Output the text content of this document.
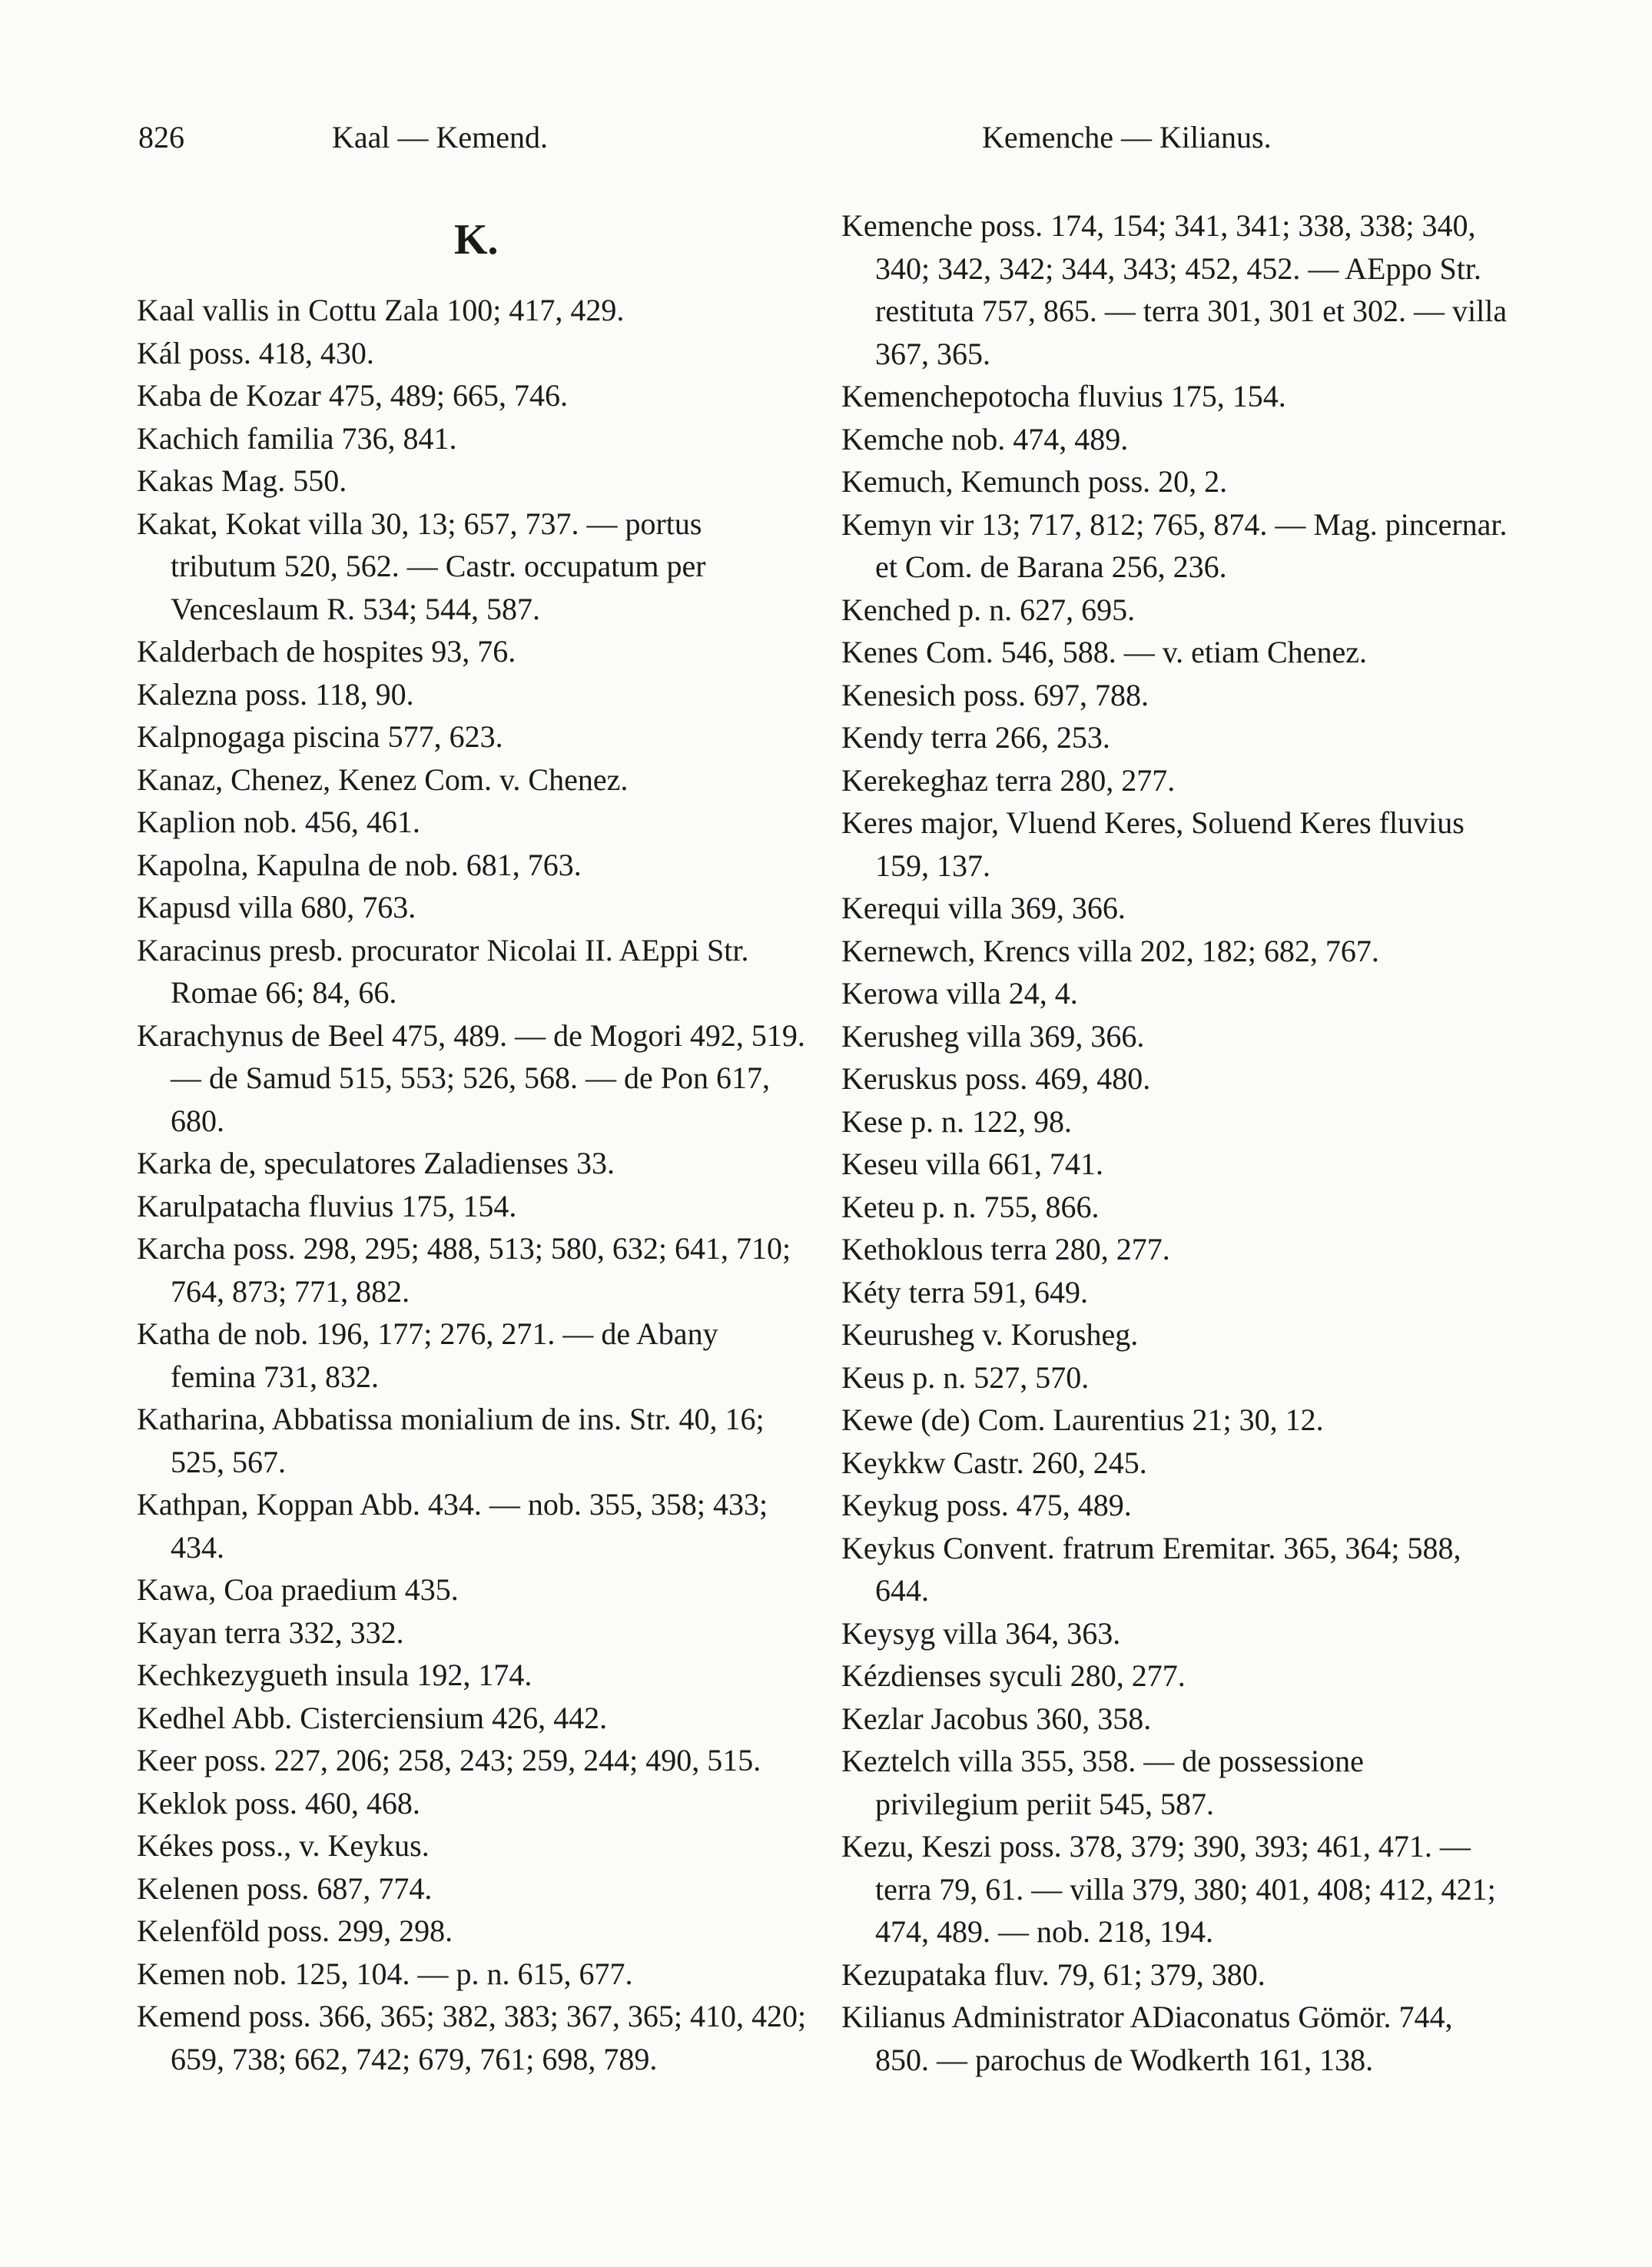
826	Kaal — Kemend.	Kemenche — Kilianus.
K.

Kaal vallis in Cottu Zala 100; 417, 429.

Kál poss. 418, 430.

Kaba de Kozar 475, 489; 665, 746.

Kachich familia 736, 841.

Kakas Mag. 550.

Kakat, Kokat villa 30, 13; 657, 737. — portus tributum 520, 562. — Castr. occupatum per Venceslaum R. 534; 544, 587.

Kalderbach de hospites 93, 76.

Kalezna poss. 118, 90.

Kalpnogaga piscina 577, 623.

Kanaz, Chenez, Kenez Com. v. Chenez.

Kaplion nob. 456, 461.

Kapolna, Kapulna de nob. 681, 763.

Kapusd villa 680, 763.

Karacinus presb. procurator Nicolai II. AEppi Str. Romae 66; 84, 66.

Karachynus de Beel 475, 489. — de Mogori 492, 519. — de Samud 515, 553; 526, 568. — de Pon 617, 680.

Karka de, speculatores Zaladienses 33.

Karulpatacha fluvius 175, 154.

Karcha poss. 298, 295; 488, 513; 580, 632; 641, 710; 764, 873; 771, 882.

Katha de nob. 196, 177; 276, 271. — de Abany femina 731, 832.

Katharina, Abbatissa monialium de ins. Str. 40, 16; 525, 567.

Kathpan, Koppan Abb. 434. — nob. 355, 358; 433; 434.

Kawa, Coa praedium 435.

Kayan terra 332, 332.

Kechkezygueth insula 192, 174.

Kedhel Abb. Cisterciensium 426, 442.

Keer poss. 227, 206; 258, 243; 259, 244; 490, 515.

Keklok poss. 460, 468.

Kékes poss., v. Keykus.

Kelenen poss. 687, 774.

Kelenföld poss. 299, 298.

Kemen nob. 125, 104. — p. n. 615, 677.

Kemend poss. 366, 365; 382, 383; 367, 365; 410, 420; 659, 738; 662, 742; 679, 761; 698, 789.

Kemenche poss. 174, 154; 341, 341; 338, 338; 340, 340; 342, 342; 344, 343; 452, 452. — AEppo Str. restituta 757, 865. — terra 301, 301 et 302. — villa 367, 365.

Kemenchepotocha fluvius 175, 154.

Kemche nob. 474, 489.

Kemuch, Kemunch poss. 20, 2.

Kemyn vir 13; 717, 812; 765, 874. — Mag. pincernar. et Com. de Barana 256, 236.

Kenched p. n. 627, 695.

Kenes Com. 546, 588. — v. etiam Chenez.

Kenesich poss. 697, 788.

Kendy terra 266, 253.

Kerekeghaz terra 280, 277.

Keres major, Vluend Keres, Soluend Keres fluvius 159, 137.

Kerequi villa 369, 366.

Kernewch, Krencs villa 202, 182; 682, 767.

Kerowa villa 24, 4.

Kerusheg villa 369, 366.

Keruskus poss. 469, 480.

Kese p. n. 122, 98.

Keseu villa 661, 741.

Keteu p. n. 755, 866.

Kethoklous terra 280, 277.

Kéty terra 591, 649.

Keurusheg v. Korusheg.

Keus p. n. 527, 570.

Kewe (de) Com. Laurentius 21; 30, 12.

Keykkw Castr. 260, 245.

Keykug poss. 475, 489.

Keykus Convent. fratrum Eremitar. 365, 364; 588, 644.

Keysyg villa 364, 363.

Kézdienses syculi 280, 277.

Kezlar Jacobus 360, 358.

Keztelch villa 355, 358. — de possessione privilegium periit 545, 587.

Kezu, Keszi poss. 378, 379; 390, 393; 461, 471. — terra 79, 61. — villa 379, 380; 401, 408; 412, 421; 474, 489. — nob. 218, 194.

Kezupataka fluv. 79, 61; 379, 380.

Kilianus Administrator ADiaconatus Gömör. 744, 850. — parochus de Wodkerth 161, 138.
